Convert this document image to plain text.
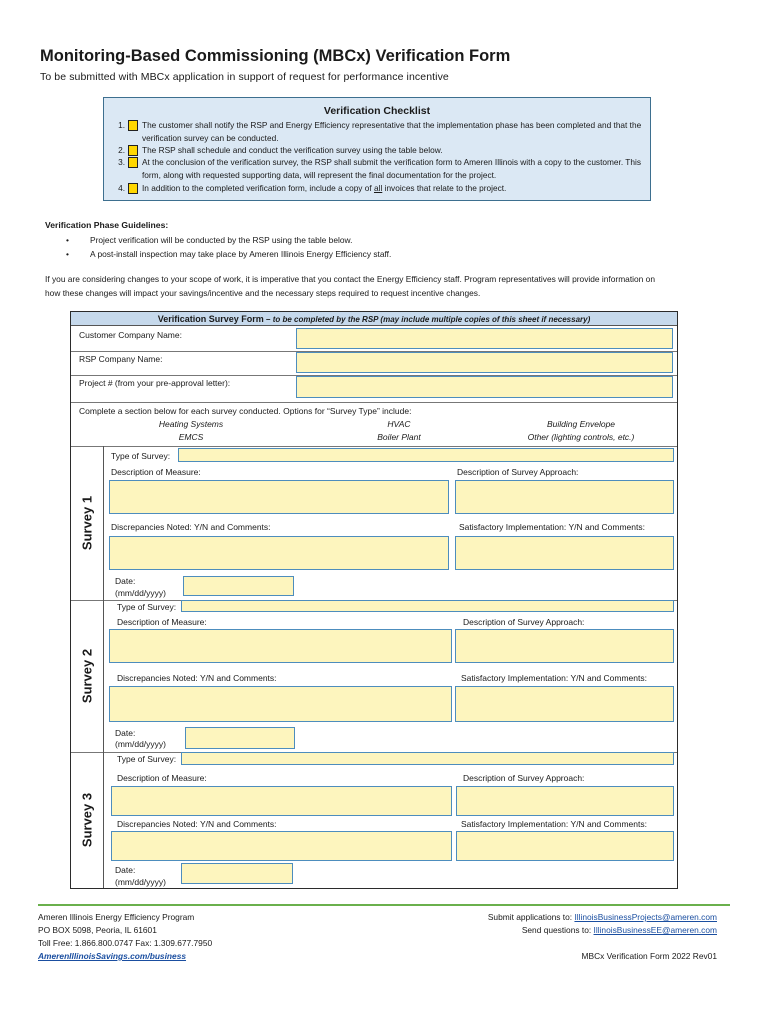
Monitoring-Based Commissioning (MBCx) Verification Form
To be submitted with MBCx application in support of request for performance incentive
Verification Checklist
1. The customer shall notify the RSP and Energy Efficiency representative that the implementation phase has been completed and that the verification survey can be conducted.
2. The RSP shall schedule and conduct the verification survey using the table below.
3. At the conclusion of the verification survey, the RSP shall submit the verification form to Ameren Illinois with a copy to the customer. This form, along with requested supporting data, will represent the final documentation for the project.
4. In addition to the completed verification form, include a copy of all invoices that relate to the project.
Verification Phase Guidelines:
•	Project verification will be conducted by the RSP using the table below.
•	A post-install inspection may take place by Ameren Illinois Energy Efficiency staff.
If you are considering changes to your scope of work, it is imperative that you contact the Energy Efficiency staff. Program representatives will provide information on how these changes will impact your savings/incentive and the necessary steps required to request incentive changes.
Verification Survey Form – to be completed by the RSP (may include multiple copies of this sheet if necessary)
Customer Company Name:
RSP Company Name:
Project # (from your pre-approval letter):
Complete a section below for each survey conducted. Options for “Survey Type” include:
Heating Systems	HVAC	Building Envelope
EMCS	Boiler Plant	Other (lighting controls, etc.)
Survey 1
Type of Survey:
Description of Measure:	Description of Survey Approach:
Discrepancies Noted: Y/N and Comments:	Satisfactory Implementation: Y/N and Comments:
Date:
(mm/dd/yyyy)
Survey 2
Type of Survey:
Description of Measure:	Description of Survey Approach:
Discrepancies Noted: Y/N and Comments:	Satisfactory Implementation: Y/N and Comments:
Date:
(mm/dd/yyyy)
Survey 3
Type of Survey:
Description of Measure:	Description of Survey Approach:
Discrepancies Noted: Y/N and Comments:	Satisfactory Implementation: Y/N and Comments:
Date:
(mm/dd/yyyy)
Ameren Illinois Energy Efficiency Program
PO BOX 5098, Peoria, IL 61601
Toll Free: 1.866.800.0747 Fax: 1.309.677.7950
AmerenIllinoisSavings.com/business
Submit applications to: IllinoisBusinessProjects@ameren.com
Send questions to: IllinoisBusinessEE@ameren.com
MBCx Verification Form 2022 Rev01
